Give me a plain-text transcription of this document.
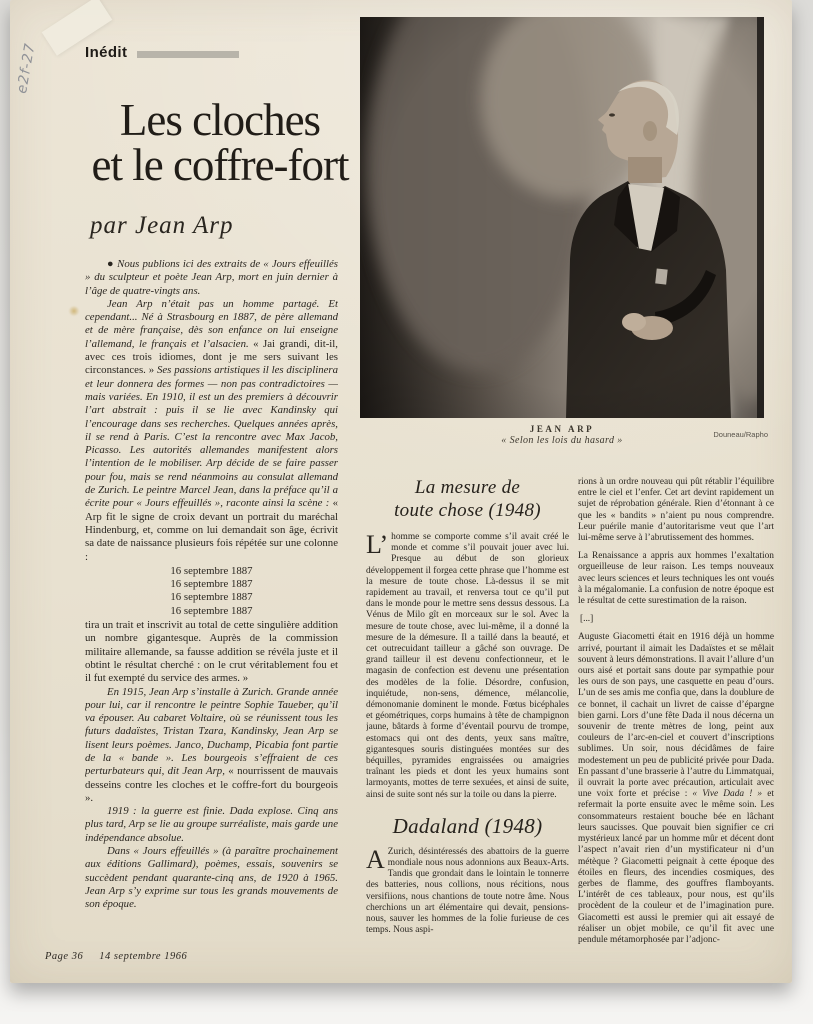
e2f-27	Inédit
Les cloches
et le coffre-fort
par Jean Arp

● Nous publions ici des extraits de « Jours effeuillés » du sculpteur et poète Jean Arp, mort en juin dernier à l’âge de quatre-vingts ans.

Jean Arp n’était pas un homme partagé. Et cependant... Né à Strasbourg en 1887, de père allemand et de mère française, dès son enfance on lui enseigne l’allemand, le français et l’alsacien. « Jai grandi, dit-il, avec ces trois idiomes, dont je me sers suivant les circonstances. » Ses passions artistiques il les disciplinera et leur donnera des formes — non pas contradictoires — mais variées. En 1910, il est un des premiers à découvrir l’art abstrait : puis il se lie avec Kandinsky qui l’encourage dans ses recherches. Quelques années après, il se rend à Paris. C’est la rencontre avec Max Jacob, Picasso. Les autorités allemandes manifestent alors l’intention de le mobiliser. Arp décide de se faire passer pour fou, mais se rend néanmoins au consulat allemand de Zurich. Le peintre Marcel Jean, dans la préface qu’il a écrite pour « Jours effeuillés », raconte ainsi la scène : « Arp fit le signe de croix devant un portrait du maréchal Hindenburg, et, comme on lui demandait son âge, écrivit sa date de naissance plusieurs fois répétée sur une colonne :

16 septembre 1887
16 septembre 1887
16 septembre 1887
16 septembre 1887

tira un trait et inscrivit au total de cette singulière addition un nombre gigantesque. Auprès de la commission militaire allemande, sa fausse addition se révéla juste et il obtint le résultat cherché : on le crut véritablement fou et il fut exempté du service des armes. »

En 1915, Jean Arp s’installe à Zurich. Grande année pour lui, car il rencontre le peintre Sophie Taueber, qu’il va épouser. Au cabaret Voltaire, où se réunissent tous les futurs dadaïstes, Tristan Tzara, Kandinsky, Jean Arp se lisent leurs poèmes. Janco, Duchamp, Picabia font partie de la « bande ». Les bourgeois s’effraient de ces perturbateurs qui, dit Jean Arp, « nourrissent de mauvais desseins contre les cloches et le coffre-fort du bourgeois ».

1919 : la guerre est finie. Dada explose. Cinq ans plus tard, Arp se lie au groupe surréaliste, mais garde une indépendance absolue.

Dans « Jours effeuillés » (à paraître prochainement aux éditions Gallimard), poèmes, essais, souvenirs se succèdent pendant quarante-cinq ans, de 1920 à 1965. Jean Arp s’y exprime sur tous les grands mouvements de son époque.

JEAN ARP
« Selon les lois du hasard »
Douneau/Rapho
La mesure de
toute chose (1948)

L’ homme se comporte comme s’il avait créé le monde et comme s’il pouvait jouer avec lui. Presque au début de son glorieux développement il forgea cette phrase que l’homme est la mesure de toute chose. Là-dessus il se mit rapidement au travail, et renversa tout ce qu’il put dans le monde pour le mettre sens dessus dessous. La Vénus de Milo gît en morceaux sur le sol. Avec la mesure de toute chose, avec lui-même, il a donné la mesure de la démesure. Il a taillé dans la beauté, et cet outrecuidant tailleur a gâché son ouvrage. De grand tailleur il est devenu confectionneur, et le magasin de confection est devenu une présentation des modèles de la folie. Désordre, confusion, inquiétude, non-sens, démence, mélancolie, démonomanie dominent le monde. Fœtus bicéphales et géométriques, corps humains à tête de champignon jaune, bâtards à forme d’éventail pourvu de trompe, estomacs qui ont des dents, yeux sans maître, gigantesques souris distinguées montées sur des béquilles, pyramides engraissées ou amaigries traînant les pieds et dont les yeux humains sont larmoyants, mottes de terre sexuées, et ainsi de suite, ainsi de suite sont nés sur la toile ou dans la pierre.

Dadaland (1948)

A Zurich, désintéressés des abattoirs de la guerre mondiale nous nous adonnions aux Beaux-Arts. Tandis que grondait dans le lointain le tonnerre des batteries, nous collions, nous récitions, nous versifiions, nous chantions de toute notre âme. Nous cherchions un art élémentaire qui devait, pensions-nous, sauver les hommes de la folie furieuse de ces temps. Nous aspi-

rions à un ordre nouveau qui pût rétablir l’équilibre entre le ciel et l’enfer. Cet art devint rapidement un sujet de réprobation générale. Rien d’étonnant à ce que les « bandits » n’aient pu nous comprendre. Leur puérile manie d’autoritarisme veut que l’art lui-même serve à l’abrutissement des hommes.

La Renaissance a appris aux hommes l’exaltation orgueilleuse de leur raison. Les temps nouveaux avec leurs sciences et leurs techniques les ont voués à la mégalomanie. La confusion de notre époque est le résultat de cette surestimation de la raison.

[...]

Auguste Giacometti était en 1916 déjà un homme arrivé, pourtant il aimait les Dadaïstes et se mêlait souvent à leurs démonstrations. Il avait l’allure d’un ours aisé et portait sans doute par sympathie pour les ours de son pays, une casquette en peau d’ours. L’un de ses amis me confia que, dans la doublure de ce bonnet, il cachait un livret de caisse d’épargne bien garni. Lors d’une fête Dada il nous décerna un souvenir de trente mètres de long, peint aux couleurs de l’arc-en-ciel et couvert d’inscriptions sublimes. Un soir, nous décidâmes de faire modestement un peu de publicité privée pour Dada. En passant d’une brasserie à l’autre du Limmatquai, il ouvrait la porte avec précaution, articulait avec une voix forte et précise : « Vive Dada ! » et refermait la porte ensuite avec le même soin. Les consommateurs restaient bouche bée en lâchant leurs saucisses. Que pouvait bien signifier ce cri mystérieux lancé par un homme mûr et décent dont l’aspect n’avait rien d’un mystificateur ni d’un métèque ? Giacometti peignait à cette époque des étoiles en fleurs, des incendies cosmiques, des gerbes de flamme, des gouffres flamboyants. L’intérêt de ces tableaux, pour nous, est qu’ils procèdent de la couleur et de l’imagination pure. Giacometti est aussi le premier qui ait essayé de réaliser un objet mobile, ce qu’il fit avec une pendule métamorphosée par l’adjonc-

Page 36 14 septembre 1966
